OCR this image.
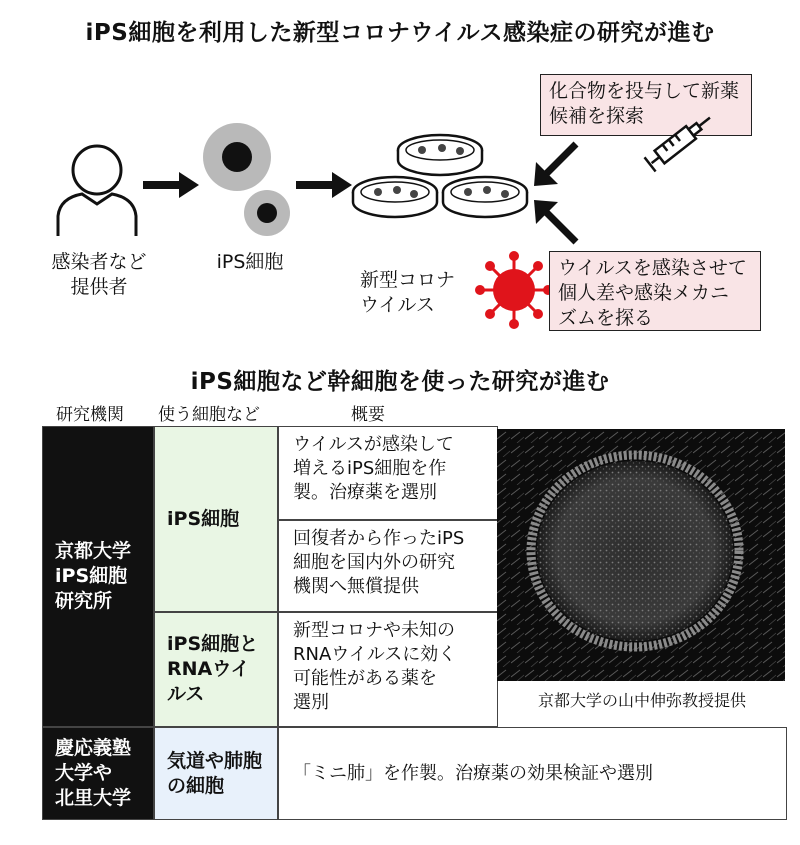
iPS細胞を利用した新型コロナウイルス感染症の研究が進む
感染者など
提供者
iPS細胞
化合物を投与して新薬
候補を探索
新型コロナ
ウイルス
ウイルスを感染させて
個人差や感染メカニ
ズムを探る
iPS細胞など幹細胞を使った研究が進む
研究機関 使う細胞など	概要
京都大学
iPS細胞
研究所
iPS細胞
ウイルスが感染して
増えるiPS細胞を作
製。治療薬を選別
回復者から作ったiPS
細胞を国内外の研究
機関へ無償提供
iPS細胞と
RNAウイ
ルス
新型コロナや未知の
RNAウイルスに効く
可能性がある薬を
選別
慶応義塾
大学や
北里大学
気道や肺胞
の細胞
「ミニ肺」を作製。治療薬の効果検証や選別
京都大学の山中伸弥教授提供
